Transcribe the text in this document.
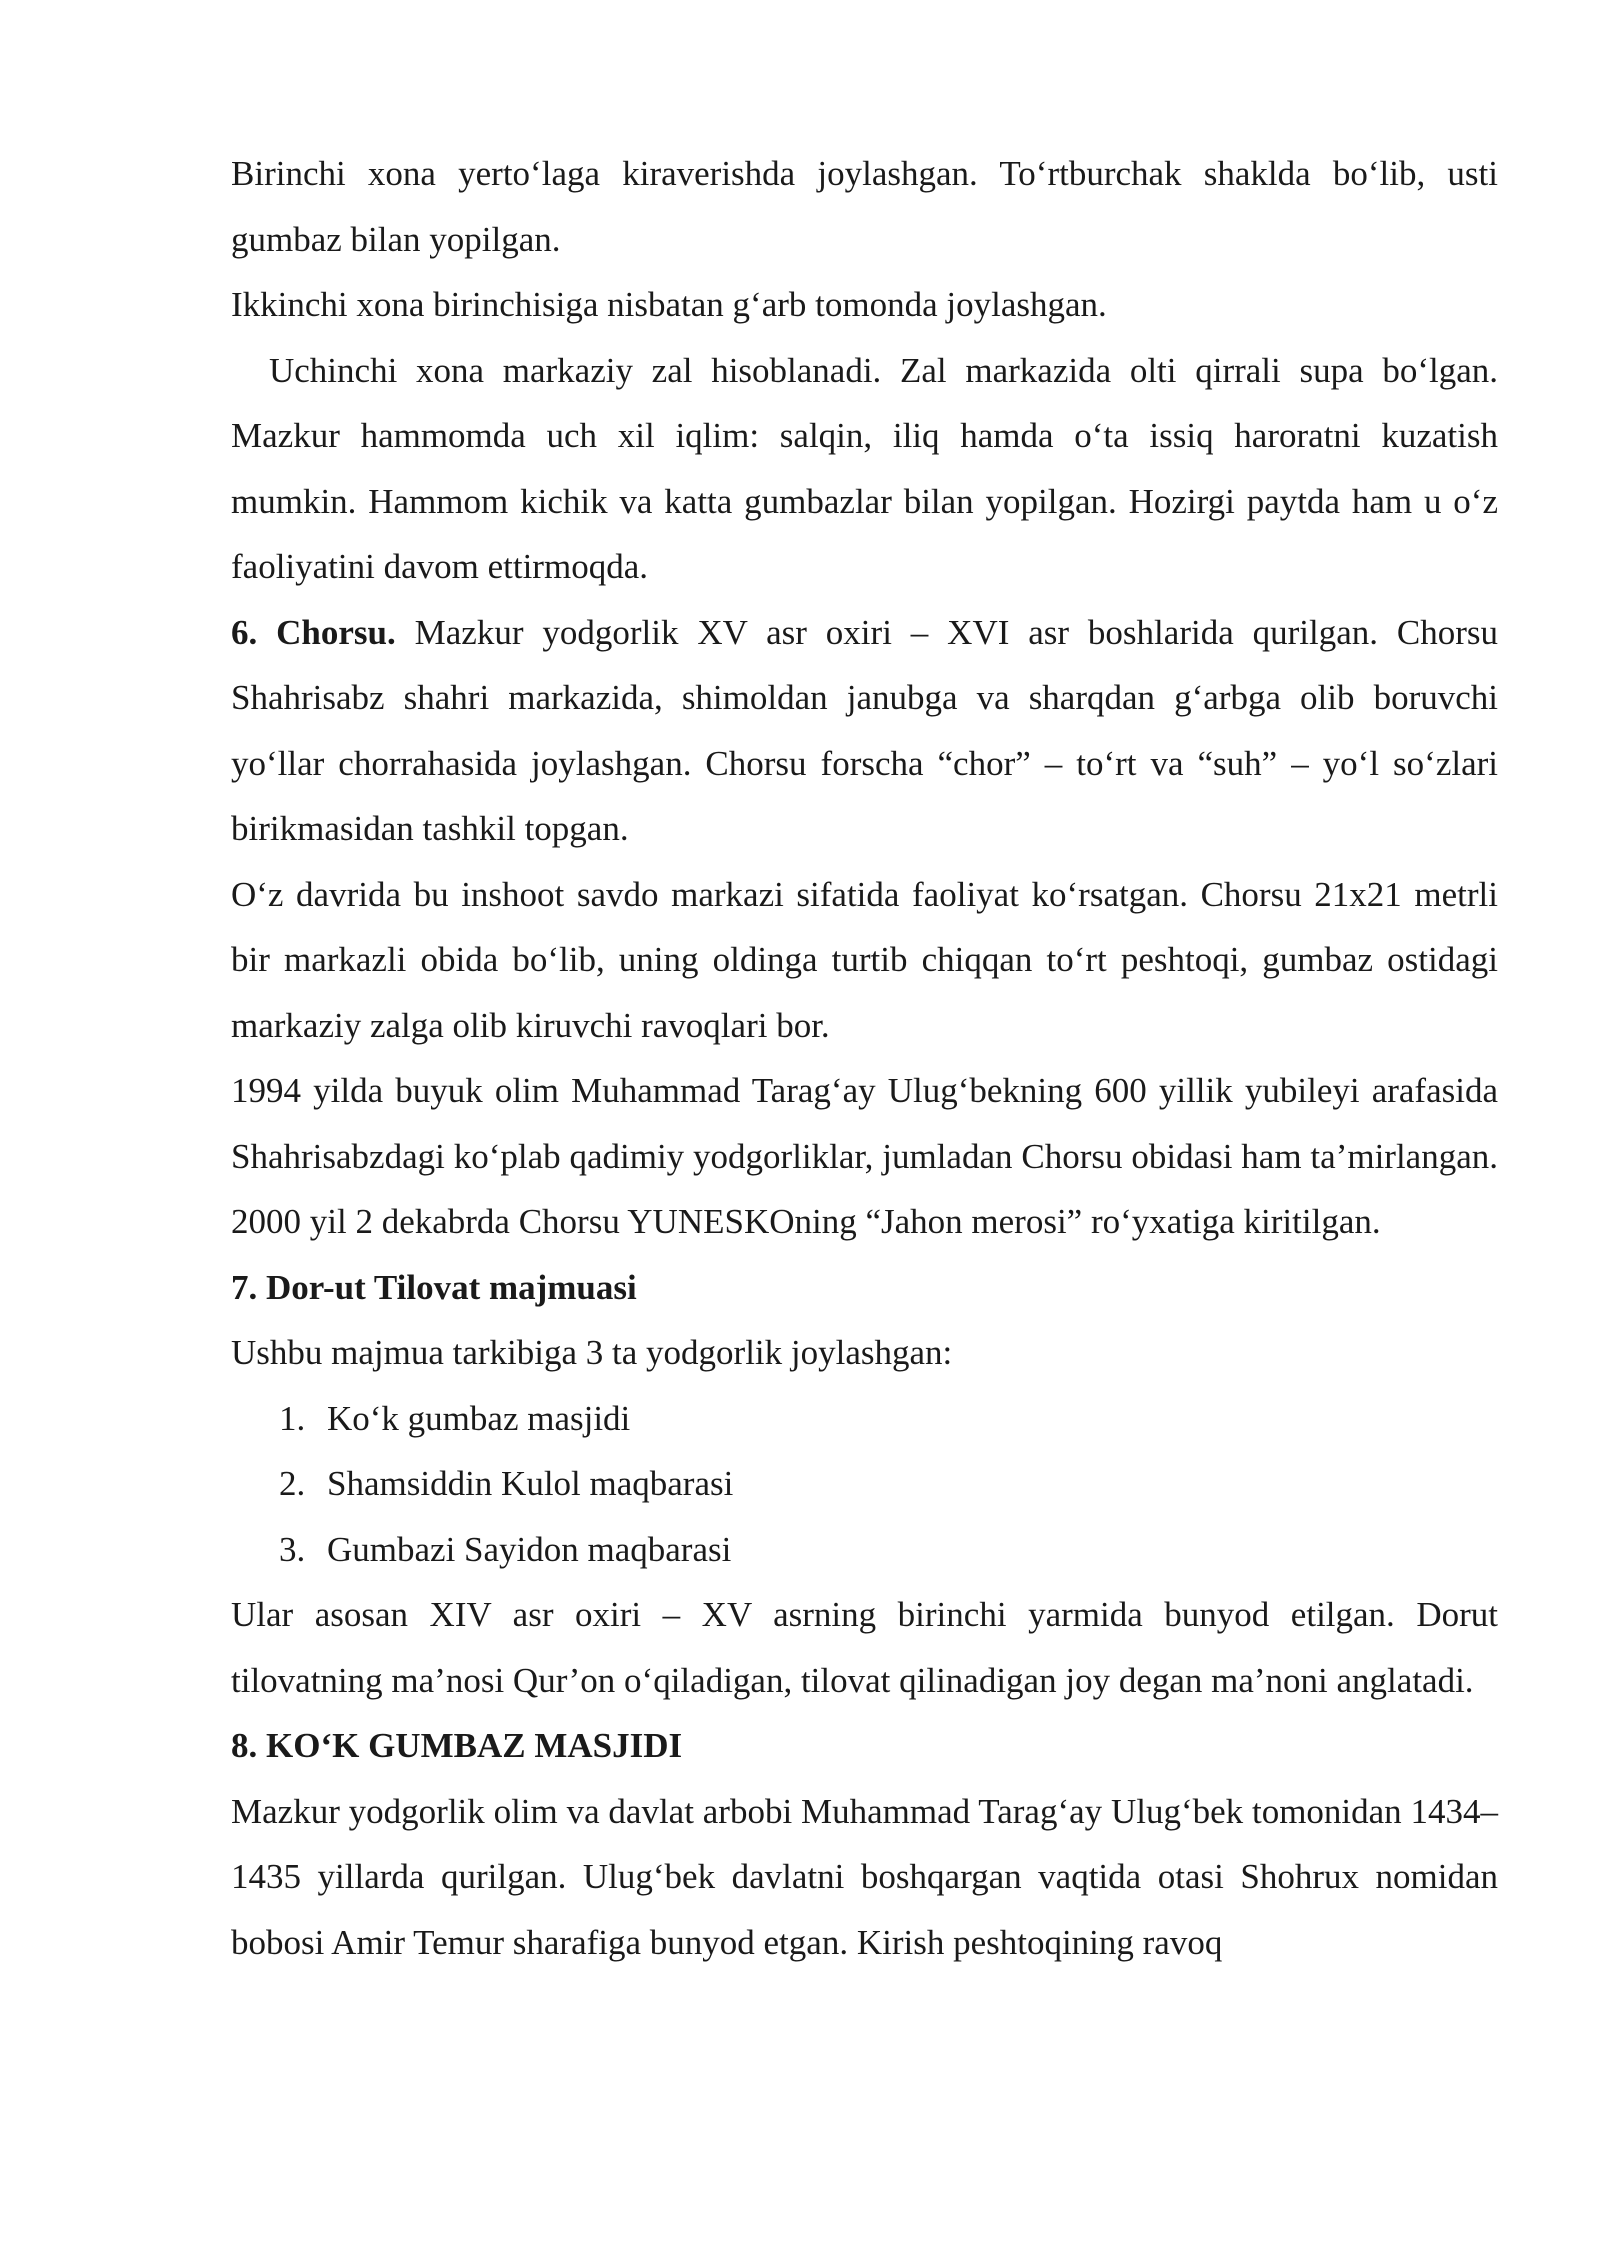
Birinchi xona yerto‘laga kiraverishda joylashgan. To‘rtburchak shaklda bo‘lib, usti gumbaz bilan yopilgan.

Ikkinchi xona birinchisiga nisbatan g‘arb tomonda joylashgan.

Uchinchi xona markaziy zal hisoblanadi. Zal markazida olti qirrali supa bo‘lgan. Mazkur hammomda uch xil iqlim: salqin, iliq hamda o‘ta issiq haroratni kuzatish mumkin. Hammom kichik va katta gumbazlar bilan yopilgan. Hozirgi paytda ham u o‘z faoliyatini davom ettirmoqda.

6. Chorsu. Mazkur yodgorlik XV asr oxiri – XVI asr boshlarida qurilgan. Chorsu Shahrisabz shahri markazida, shimoldan janubga va sharqdan g‘arbga olib boruvchi yo‘llar chorrahasida joylashgan. Chorsu forscha “chor” – to‘rt va “suh” – yo‘l so‘zlari birikmasidan tashkil topgan.

O‘z davrida bu inshoot savdo markazi sifatida faoliyat ko‘rsatgan. Chorsu 21x21 metrli bir markazli obida bo‘lib, uning oldinga turtib chiqqan to‘rt peshtoqi, gumbaz ostidagi markaziy zalga olib kiruvchi ravoqlari bor.

1994 yilda buyuk olim Muhammad Tarag‘ay Ulug‘bekning 600 yillik yubileyi arafasida Shahrisabzdagi ko‘plab qadimiy yodgorliklar, jumladan Chorsu obidasi ham ta’mirlangan. 2000 yil 2 dekabrda Chorsu YUNESKOning “Jahon merosi” ro‘yxatiga kiritilgan.

7. Dor-ut Tilovat majmuasi

Ushbu majmua tarkibiga 3 ta yodgorlik joylashgan:

1. Ko‘k gumbaz masjidi
2. Shamsiddin Kulol maqbarasi
3. Gumbazi Sayidon maqbarasi

Ular asosan XIV asr oxiri – XV asrning birinchi yarmida bunyod etilgan. Dorut tilovatning ma’nosi Qur’on o‘qiladigan, tilovat qilinadigan joy degan ma’noni anglatadi.

8. KO‘K GUMBAZ MASJIDI

Mazkur yodgorlik olim va davlat arbobi Muhammad Tarag‘ay Ulug‘bek tomonidan 1434–1435 yillarda qurilgan. Ulug‘bek davlatni boshqargan vaqtida otasi Shohrux nomidan bobosi Amir Temur sharafiga bunyod etgan. Kirish peshtoqining ravoq
